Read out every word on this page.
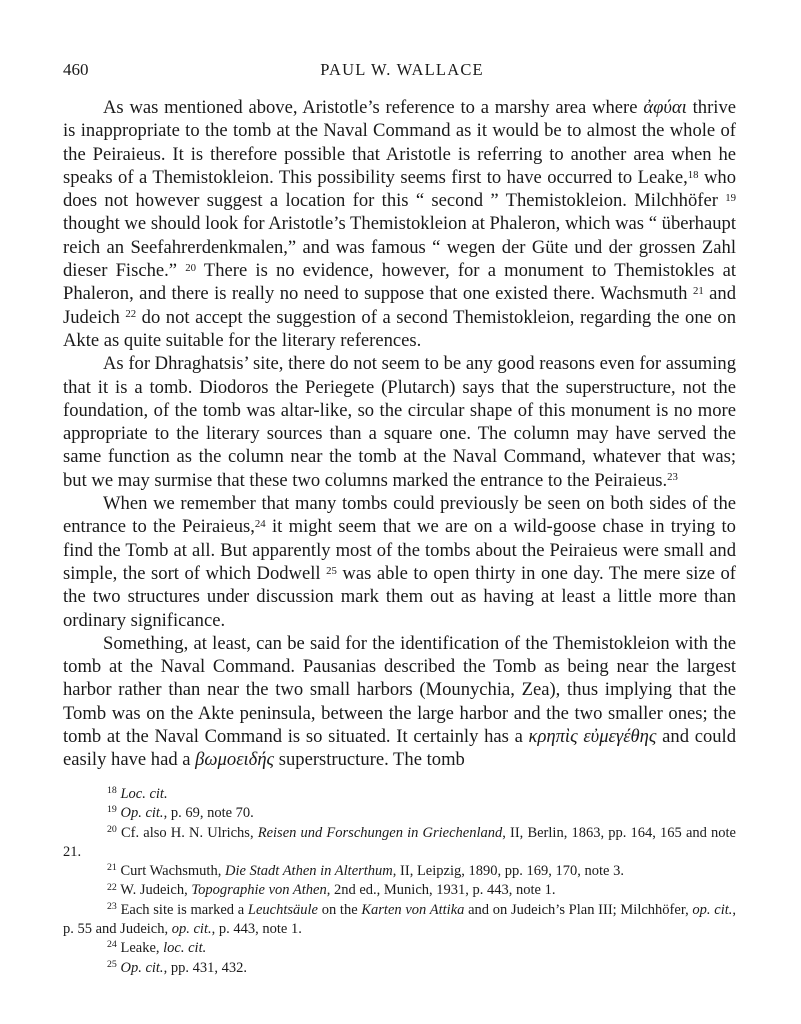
460	PAUL W. WALLACE

As was mentioned above, Aristotle’s reference to a marshy area where ἀφύαι thrive is inappropriate to the tomb at the Naval Command as it would be to almost the whole of the Peiraieus. It is therefore possible that Aristotle is referring to another area when he speaks of a Themistokleion. This possibility seems first to have occurred to Leake,$^{18}$ who does not however suggest a location for this “ second ” Themistokleion. Milchhöfer $^{19}$ thought we should look for Aristotle’s Themistokleion at Phaleron, which was “ überhaupt reich an Seefahrerdenkmalen,” and was famous “ wegen der Güte und der grossen Zahl dieser Fische.” $^{20}$ There is no evidence, however, for a monument to Themistokles at Phaleron, and there is really no need to suppose that one existed there. Wachsmuth $^{21}$ and Judeich $^{22}$ do not accept the suggestion of a second Themistokleion, regarding the one on Akte as quite suitable for the literary references.

As for Dhraghatsis’ site, there do not seem to be any good reasons even for assuming that it is a tomb. Diodoros the Periegete (Plutarch) says that the superstructure, not the foundation, of the tomb was altar-like, so the circular shape of this monument is no more appropriate to the literary sources than a square one. The column may have served the same function as the column near the tomb at the Naval Command, whatever that was; but we may surmise that these two columns marked the entrance to the Peiraieus.$^{23}$

When we remember that many tombs could previously be seen on both sides of the entrance to the Peiraieus,$^{24}$ it might seem that we are on a wild-goose chase in trying to find the Tomb at all. But apparently most of the tombs about the Peiraieus were small and simple, the sort of which Dodwell $^{25}$ was able to open thirty in one day. The mere size of the two structures under discussion mark them out as having at least a little more than ordinary significance.

Something, at least, can be said for the identification of the Themistokleion with the tomb at the Naval Command. Pausanias described the Tomb as being near the largest harbor rather than near the two small harbors (Mounychia, Zea), thus implying that the Tomb was on the Akte peninsula, between the large harbor and the two smaller ones; the tomb at the Naval Command is so situated. It certainly has a κρηπὶς εὐμεγέθης and could easily have had a βωμοειδής superstructure. The tomb

$^{18}$ Loc. cit.

$^{19}$ Op. cit., p. 69, note 70.

$^{20}$ Cf. also H. N. Ulrichs, Reisen und Forschungen in Griechenland, II, Berlin, 1863, pp. 164, 165 and note 21.

$^{21}$ Curt Wachsmuth, Die Stadt Athen in Alterthum, II, Leipzig, 1890, pp. 169, 170, note 3.

$^{22}$ W. Judeich, Topographie von Athen, 2nd ed., Munich, 1931, p. 443, note 1.

$^{23}$ Each site is marked a Leuchtsäule on the Karten von Attika and on Judeich’s Plan III; Milchhöfer, op. cit., p. 55 and Judeich, op. cit., p. 443, note 1.

$^{24}$ Leake, loc. cit.

$^{25}$ Op. cit., pp. 431, 432.
